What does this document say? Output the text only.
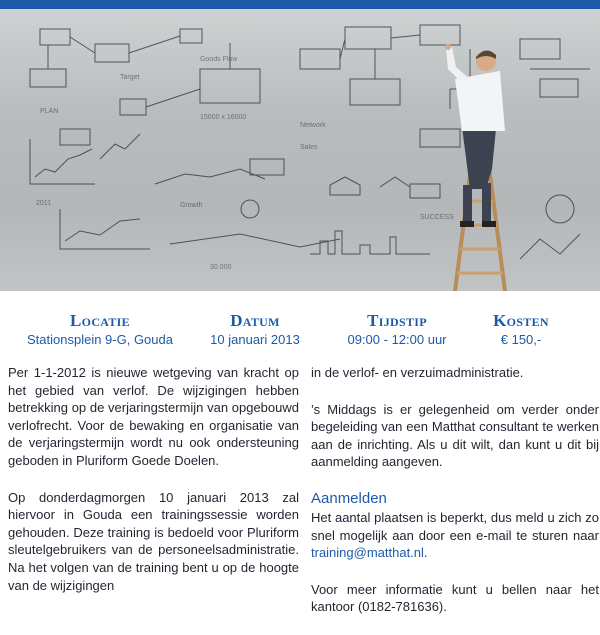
Goods Flow
15000 x 16000
Sales
Growth
2011
30.000
SUCCESS
Network
PLAN
Target
Locatie
Stationsplein 9-G, Gouda
Datum
10 januari 2013
Tijdstip
09:00 - 12:00 uur
Kosten
€ 150,-

Per 1-1-2012 is nieuwe wetgeving van kracht op het gebied van verlof. De wijzigingen hebben betrekking op de verjaringstermijn van opgebouwd verlofrecht. Voor de bewaking en organisatie van de verjaringstermijn wordt nu ook ondersteuning geboden in Pluriform Goede Doelen.

Op donderdagmorgen 10 januari 2013 zal hiervoor in Gouda een trainingssessie worden gehouden. Deze training is bedoeld voor Pluriform sleutelgebruikers van de personeelsadministratie. Na het volgen van de training bent u op de hoogte van de wijzigingen

in de verlof- en verzuimadministratie.

’s Middags is er gelegenheid om verder onder begeleiding van een Matthat consultant te werken aan de inrichting. Als u dit wilt, dan kunt u dit bij aanmelding aangeven.

Aanmelden

Het aantal plaatsen is beperkt, dus meld u zich zo snel mogelijk aan door een e-mail te sturen naar training@matthat.nl.

Voor meer informatie kunt u bellen naar het kantoor (0182-781636).
